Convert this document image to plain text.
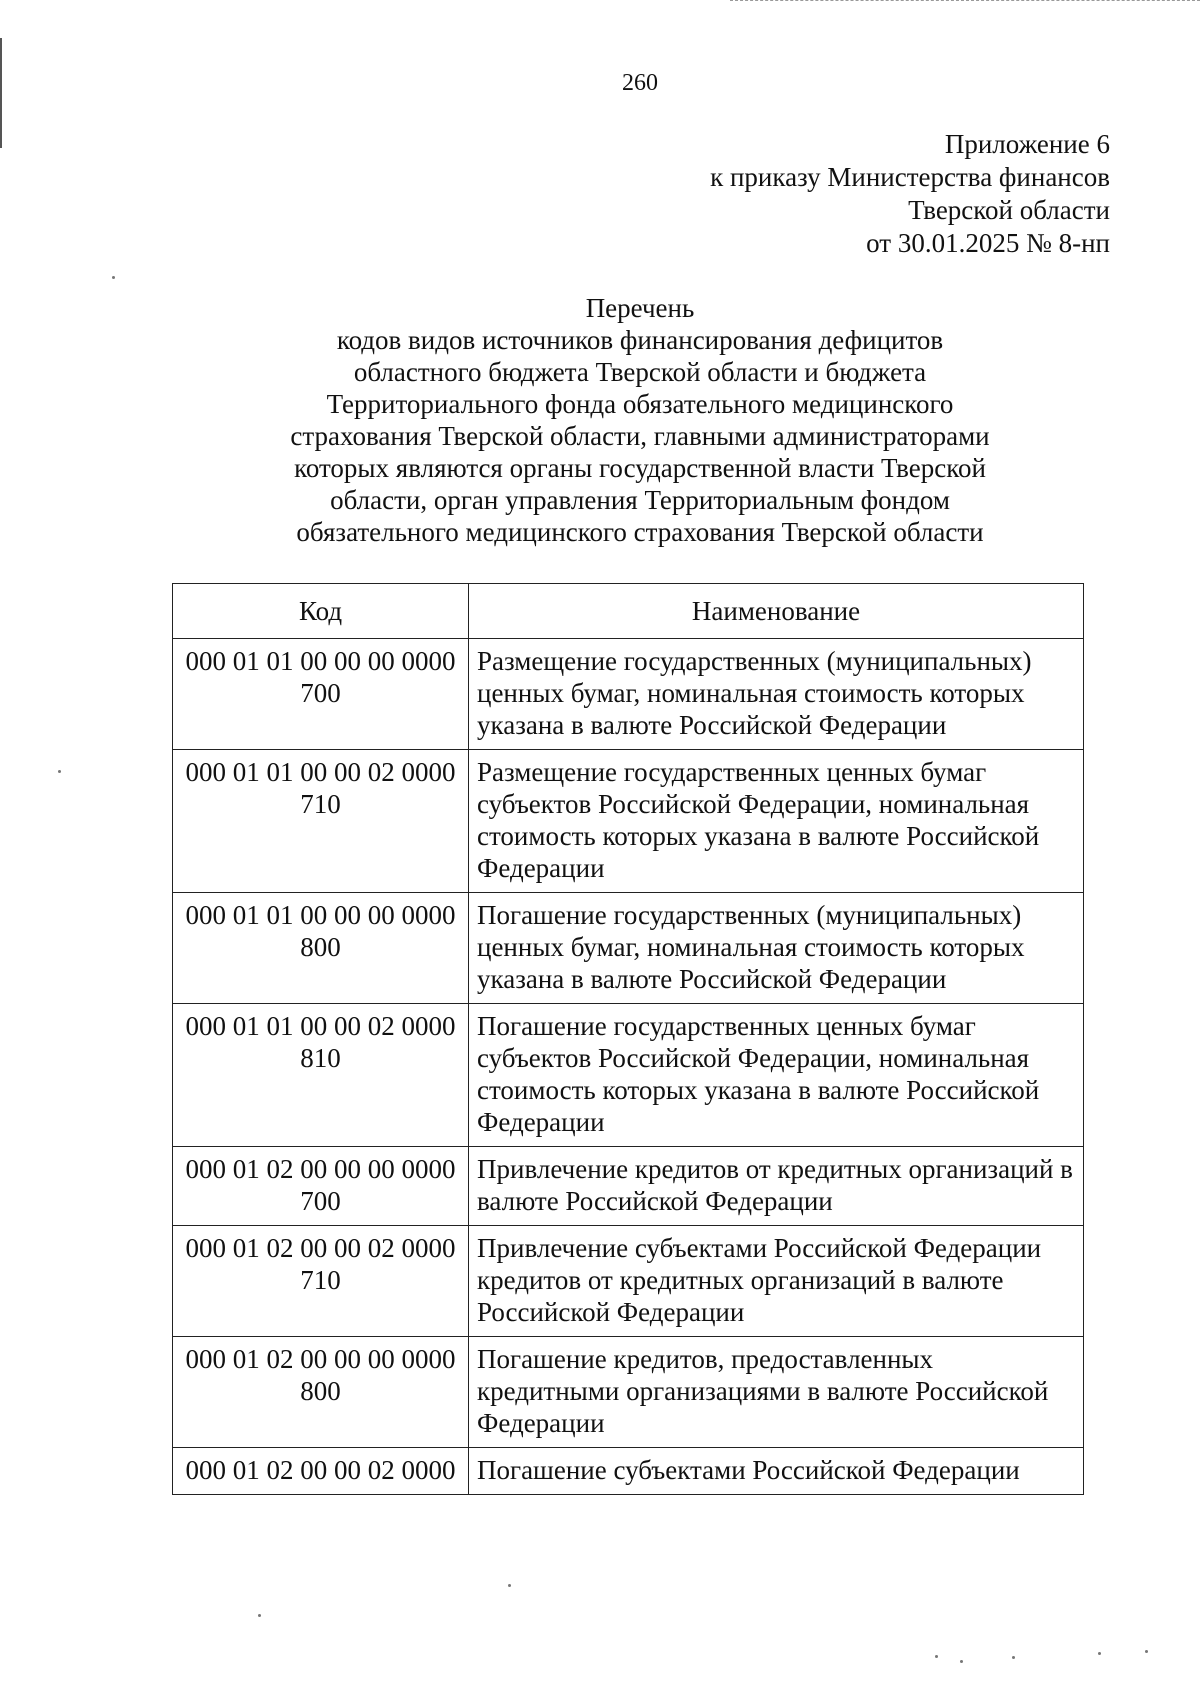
260
Приложение 6
к приказу Министерства финансов
Тверской области
от 30.01.2025 № 8-нп
Перечень
кодов видов источников финансирования дефицитов
областного бюджета Тверской области и бюджета
Территориального фонда обязательного медицинского
страхования Тверской области, главными администраторами
которых являются органы государственной власти Тверской
области, орган управления Территориальным фондом
обязательного медицинского страхования Тверской области
Код	Наименование
000 01 01 00 00 00 0000 700	Размещение государственных (муниципальных) ценных бумаг, номинальная стоимость которых указана в валюте Российской Федерации
000 01 01 00 00 02 0000 710	Размещение государственных ценных бумаг субъектов Российской Федерации, номинальная стоимость которых указана в валюте Российской Федерации
000 01 01 00 00 00 0000 800	Погашение государственных (муниципальных) ценных бумаг, номинальная стоимость которых указана в валюте Российской Федерации
000 01 01 00 00 02 0000 810	Погашение государственных ценных бумаг субъектов Российской Федерации, номинальная стоимость которых указана в валюте Российской Федерации
000 01 02 00 00 00 0000 700	Привлечение кредитов от кредитных организаций в валюте Российской Федерации
000 01 02 00 00 02 0000 710	Привлечение субъектами Российской Федерации кредитов от кредитных организаций в валюте Российской Федерации
000 01 02 00 00 00 0000 800	Погашение кредитов, предоставленных кредитными организациями в валюте Российской Федерации
000 01 02 00 00 02 0000	Погашение субъектами Российской Федерации
